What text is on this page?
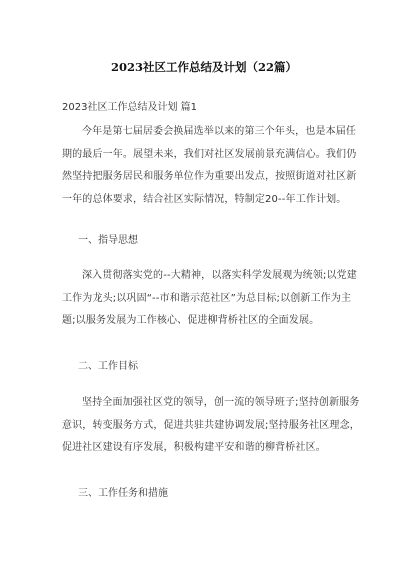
2023社区工作总结及计划（22篇）
2023社区工作总结及计划 篇1

今年是第七届居委会换届选举以来的第三个年头，也是本届任
期的最后一年。展望未来，我们对社区发展前景充满信心。我们仍
然坚持把服务居民和服务单位作为重要出发点，按照街道对社区新
一年的总体要求，结合社区实际情况，特制定20--年工作计划。

一、指导思想

深入贯彻落实党的--大精神，以落实科学发展观为统领;以党建
工作为龙头;以巩固“--市和谐示范社区”为总目标;以创新工作为主
题;以服务发展为工作核心、促进柳背桥社区的全面发展。

二、工作目标

坚持全面加强社区党的领导，创一流的领导班子;坚持创新服务
意识，转变服务方式，促进共驻共建协调发展;坚持服务社区理念，
促进社区建设有序发展，积极构建平安和谐的柳背桥社区。

三、工作任务和措施
